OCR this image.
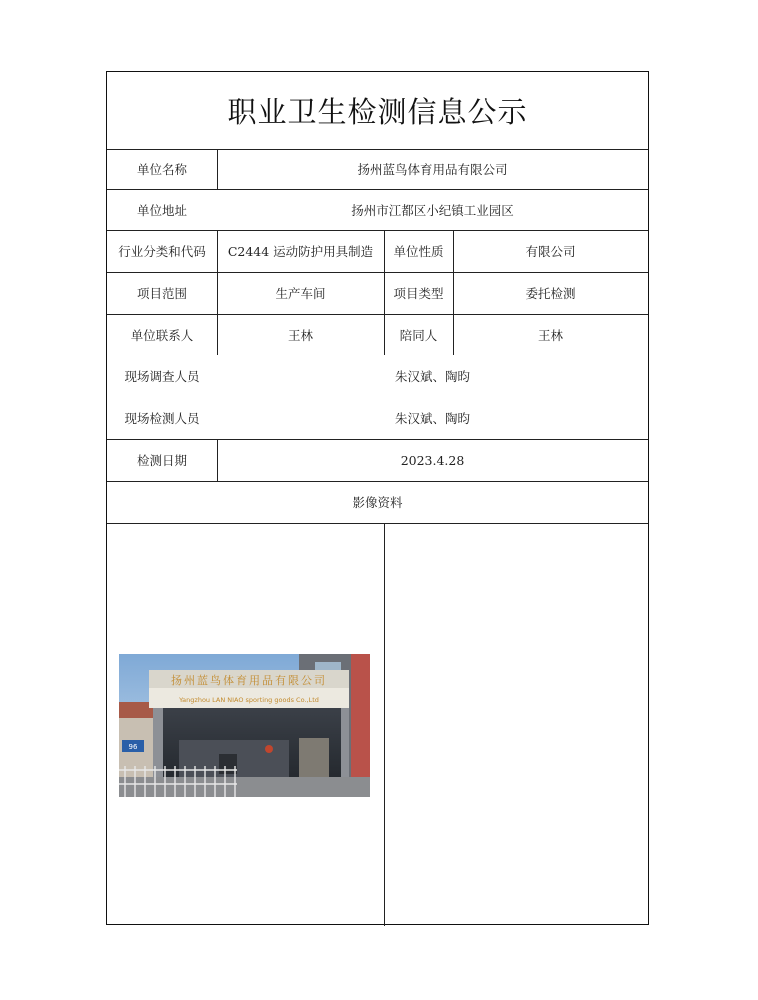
职业卫生检测信息公示
单位名称	扬州蓝鸟体育用品有限公司
单位地址	扬州市江都区小纪镇工业园区
行业分类和代码	C2444 运动防护用具制造	单位性质	有限公司
项目范围	生产车间	项目类型	委托检测
单位联系人	王林	陪同人	王林
现场调查人员	朱汉斌、陶昀
现场检测人员	朱汉斌、陶昀
检测日期	2023.4.28
影像资料
96
扬州蓝鸟体育用品有限公司
Yangzhou LAN NIAO sporting goods Co.,Ltd
